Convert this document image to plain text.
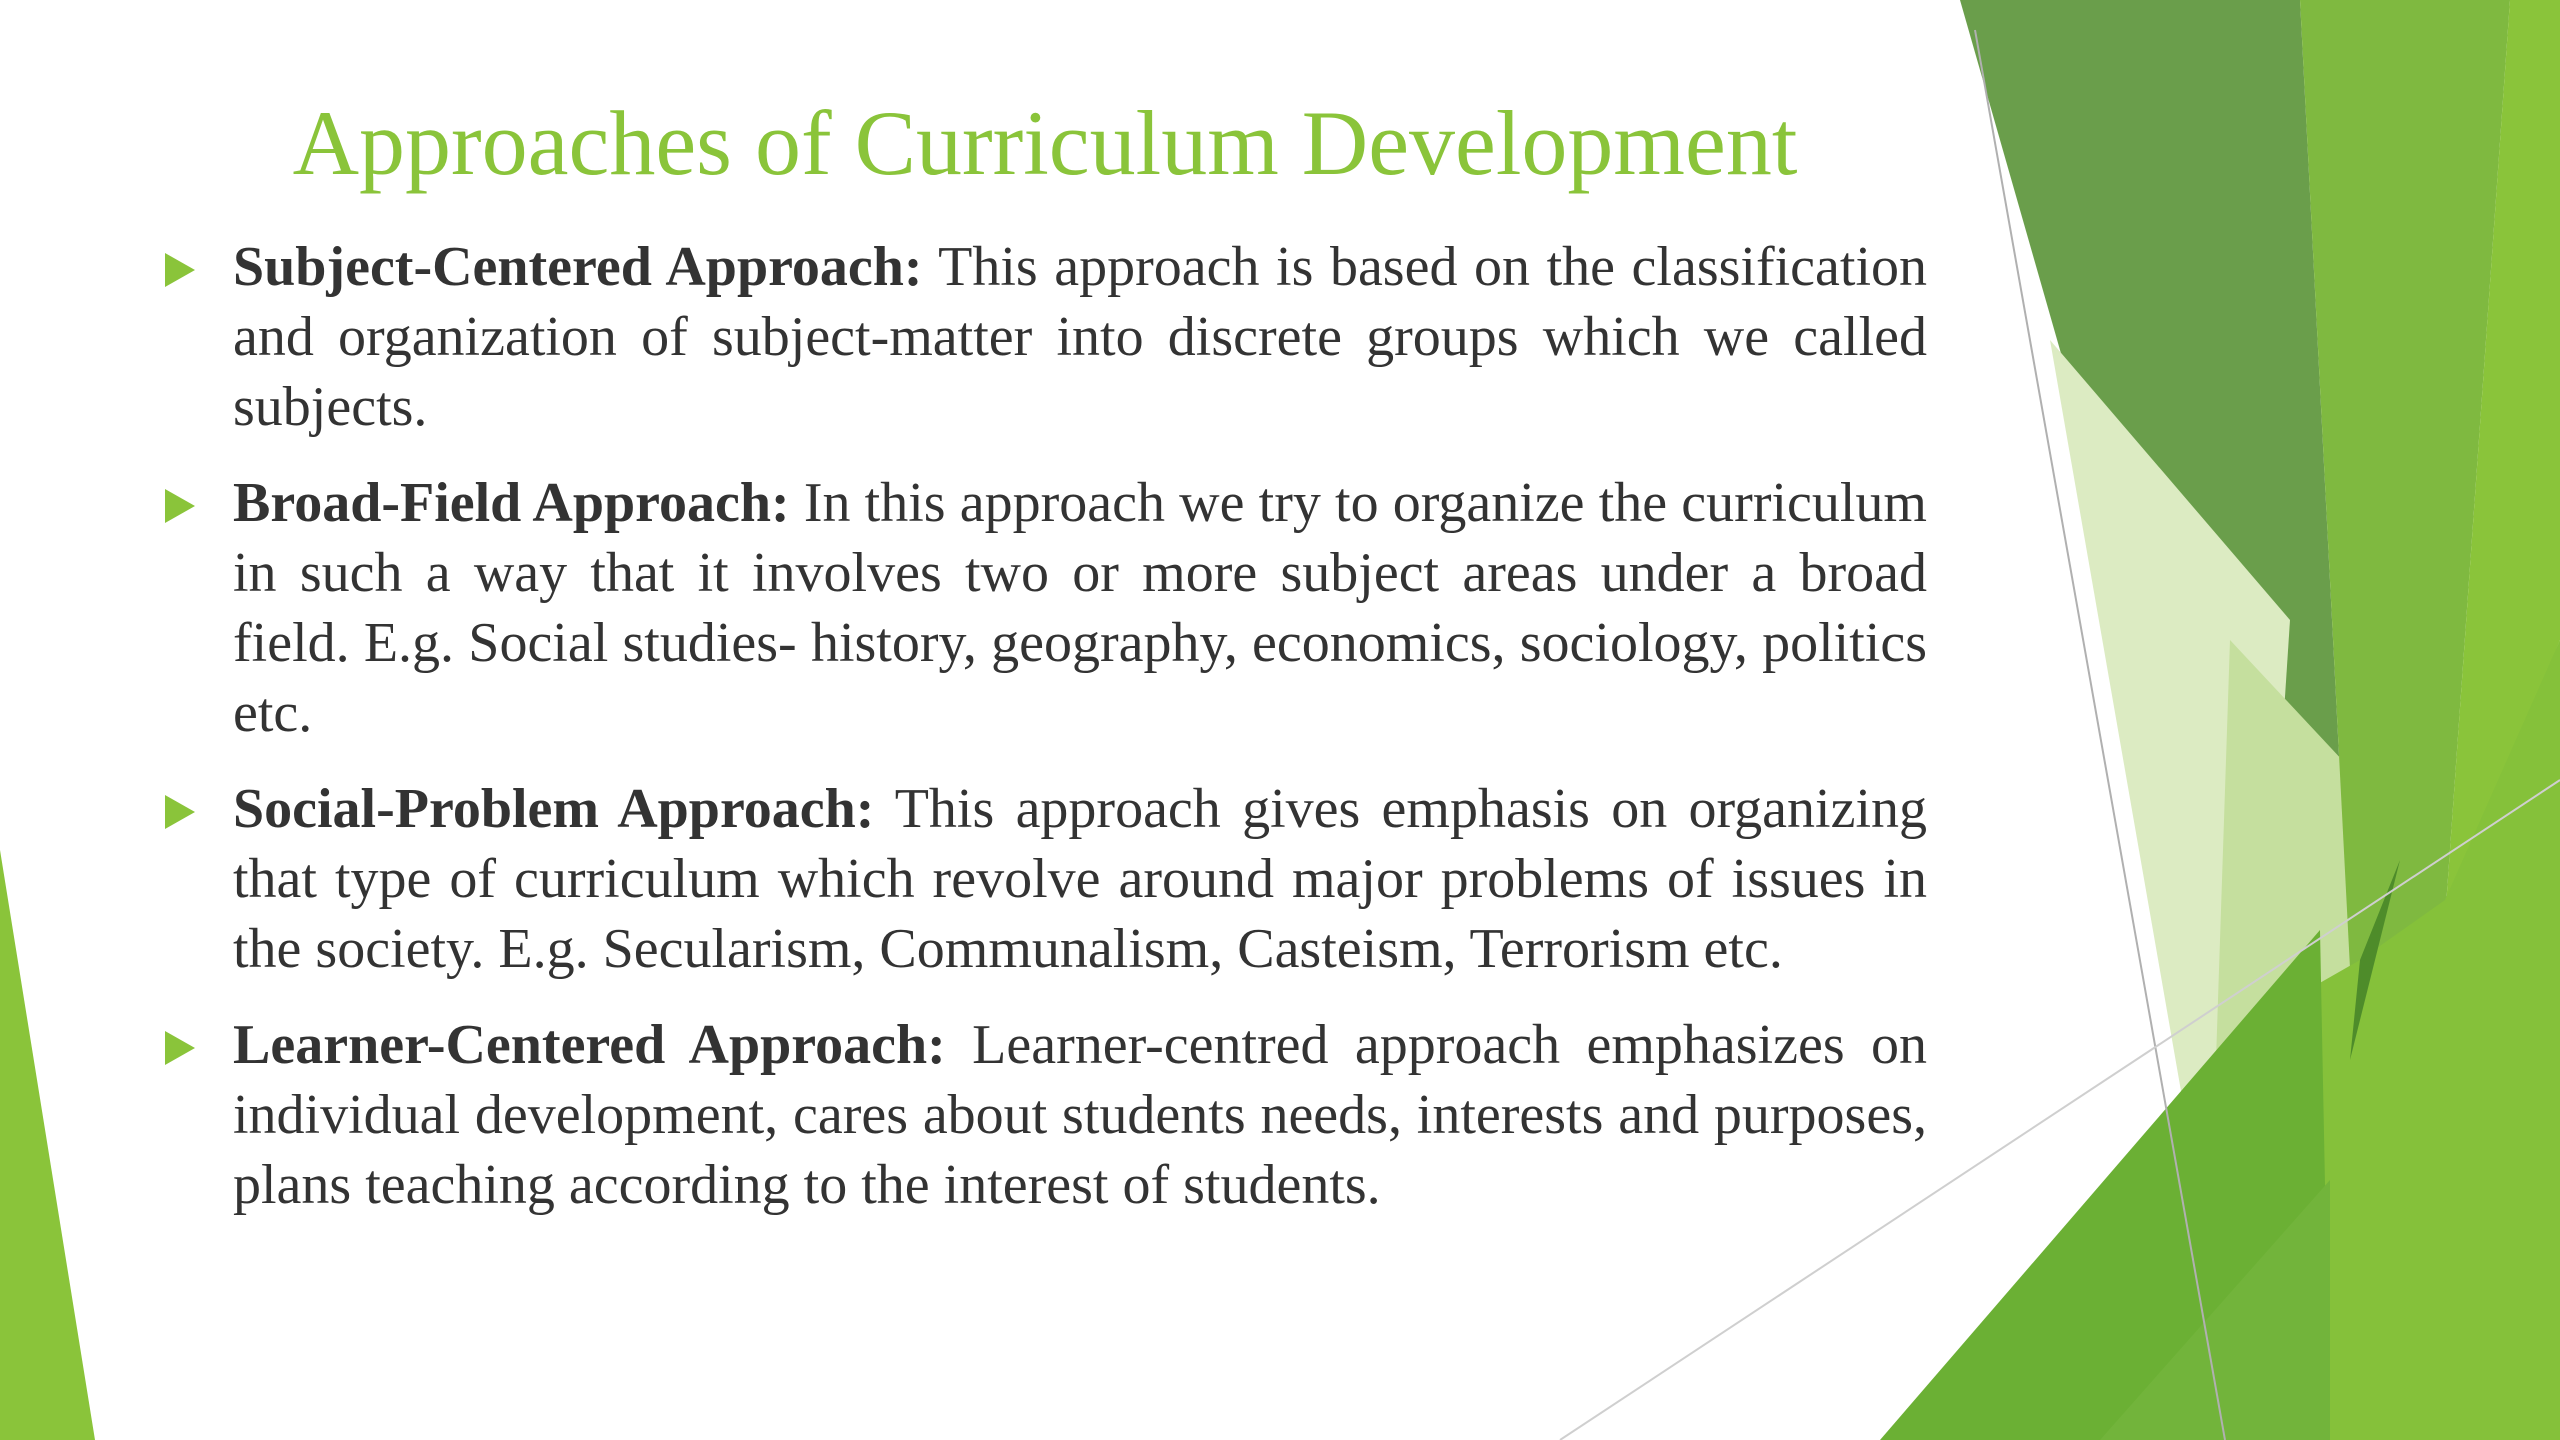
Approaches of Curriculum Development
Subject-Centered Approach: This approach is based on the classification and organization of subject-matter into discrete groups which we called subjects.
Broad-Field Approach: In this approach we try to organize the curriculum in such a way that it involves two or more subject areas under a broad field. E.g. Social studies- history, geography, economics, sociology, politics etc.
Social-Problem Approach: This approach gives emphasis on organizing that type of curriculum which revolve around major problems of issues in the society. E.g. Secularism, Communalism, Casteism, Terrorism etc.
Learner-Centered Approach: Learner-centred approach emphasizes on individual development, cares about students needs, interests and purposes, plans teaching according to the interest of students.
